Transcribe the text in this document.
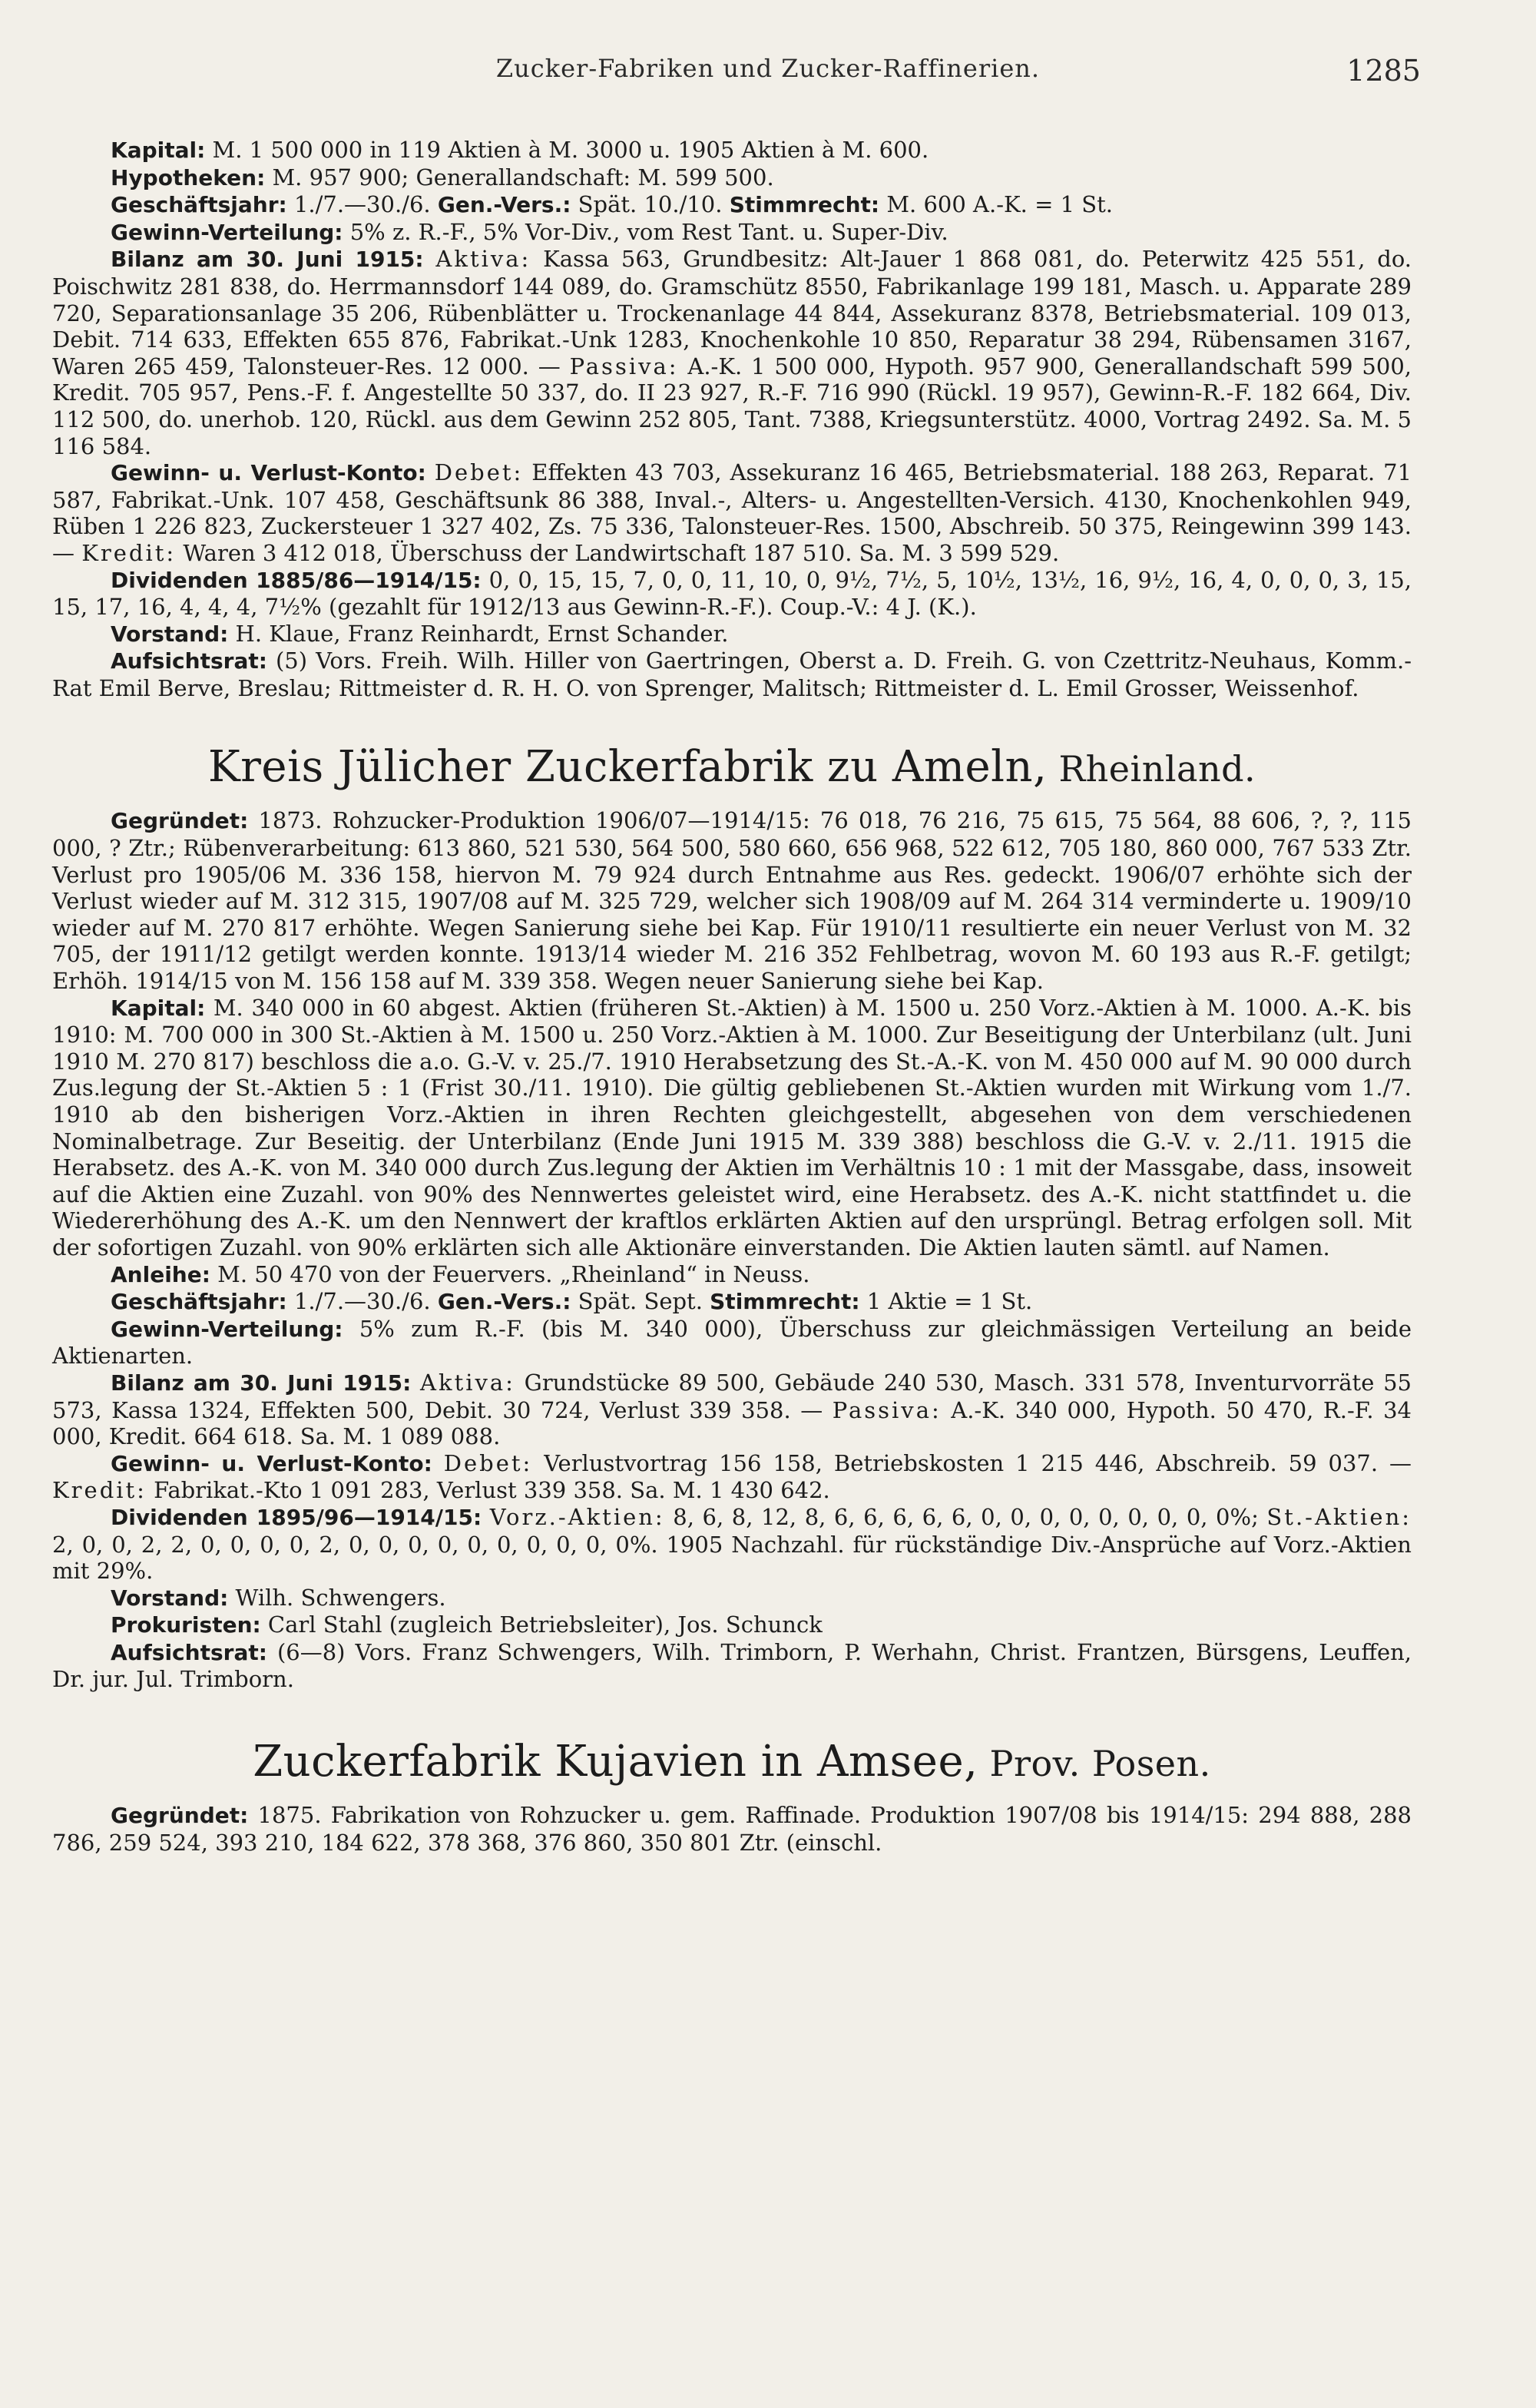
Zucker-Fabriken und Zucker-Raffinerien.	1285

Kapital: M. 1 500 000 in 119 Aktien à M. 3000 u. 1905 Aktien à M. 600.

Hypotheken: M. 957 900; Generallandschaft: M. 599 500.

Geschäftsjahr: 1./7.—30./6. Gen.-Vers.: Spät. 10./10. Stimmrecht: M. 600 A.-K. = 1 St.

Gewinn-Verteilung: 5% z. R.-F., 5% Vor-Div., vom Rest Tant. u. Super-Div.

Bilanz am 30. Juni 1915: Aktiva: Kassa 563, Grundbesitz: Alt-Jauer 1 868 081, do. Peterwitz 425 551, do. Poischwitz 281 838, do. Herrmannsdorf 144 089, do. Gramschütz 8550, Fabrikanlage 199 181, Masch. u. Apparate 289 720, Separationsanlage 35 206, Rübenblätter u. Trockenanlage 44 844, Assekuranz 8378, Betriebsmaterial. 109 013, Debit. 714 633, Effekten 655 876, Fabrikat.-Unk 1283, Knochenkohle 10 850, Reparatur 38 294, Rübensamen 3167, Waren 265 459, Talonsteuer-Res. 12 000. — Passiva: A.-K. 1 500 000, Hypoth. 957 900, Generallandschaft 599 500, Kredit. 705 957, Pens.-F. f. Angestellte 50 337, do. II 23 927, R.-F. 716 990 (Rückl. 19 957), Gewinn-R.-F. 182 664, Div. 112 500, do. unerhob. 120, Rückl. aus dem Gewinn 252 805, Tant. 7388, Kriegsunterstütz. 4000, Vortrag 2492. Sa. M. 5 116 584.

Gewinn- u. Verlust-Konto: Debet: Effekten 43 703, Assekuranz 16 465, Betriebsmaterial. 188 263, Reparat. 71 587, Fabrikat.-Unk. 107 458, Geschäftsunk 86 388, Inval.-, Alters- u. Angestellten-Versich. 4130, Knochenkohlen 949, Rüben 1 226 823, Zuckersteuer 1 327 402, Zs. 75 336, Talonsteuer-Res. 1500, Abschreib. 50 375, Reingewinn 399 143. — Kredit: Waren 3 412 018, Überschuss der Landwirtschaft 187 510. Sa. M. 3 599 529.

Dividenden 1885/86—1914/15: 0, 0, 15, 15, 7, 0, 0, 11, 10, 0, 9½, 7½, 5, 10½, 13½, 16, 9½, 16, 4, 0, 0, 0, 3, 15, 15, 17, 16, 4, 4, 4, 7½% (gezahlt für 1912/13 aus Gewinn-R.-F.). Coup.-V.: 4 J. (K.).

Vorstand: H. Klaue, Franz Reinhardt, Ernst Schander.

Aufsichtsrat: (5) Vors. Freih. Wilh. Hiller von Gaertringen, Oberst a. D. Freih. G. von Czettritz-Neuhaus, Komm.-Rat Emil Berve, Breslau; Rittmeister d. R. H. O. von Sprenger, Malitsch; Rittmeister d. L. Emil Grosser, Weissenhof.

Kreis Jülicher Zuckerfabrik zu Ameln, Rheinland.

Gegründet: 1873. Rohzucker-Produktion 1906/07—1914/15: 76 018, 76 216, 75 615, 75 564, 88 606, ?, ?, 115 000, ? Ztr.; Rübenverarbeitung: 613 860, 521 530, 564 500, 580 660, 656 968, 522 612, 705 180, 860 000, 767 533 Ztr. Verlust pro 1905/06 M. 336 158, hiervon M. 79 924 durch Entnahme aus Res. gedeckt. 1906/07 erhöhte sich der Verlust wieder auf M. 312 315, 1907/08 auf M. 325 729, welcher sich 1908/09 auf M. 264 314 verminderte u. 1909/10 wieder auf M. 270 817 erhöhte. Wegen Sanierung siehe bei Kap. Für 1910/11 resultierte ein neuer Verlust von M. 32 705, der 1911/12 getilgt werden konnte. 1913/14 wieder M. 216 352 Fehlbetrag, wovon M. 60 193 aus R.-F. getilgt; Erhöh. 1914/15 von M. 156 158 auf M. 339 358. Wegen neuer Sanierung siehe bei Kap.

Kapital: M. 340 000 in 60 abgest. Aktien (früheren St.-Aktien) à M. 1500 u. 250 Vorz.-Aktien à M. 1000. A.-K. bis 1910: M. 700 000 in 300 St.-Aktien à M. 1500 u. 250 Vorz.-Aktien à M. 1000. Zur Beseitigung der Unterbilanz (ult. Juni 1910 M. 270 817) beschloss die a.o. G.-V. v. 25./7. 1910 Herabsetzung des St.-A.-K. von M. 450 000 auf M. 90 000 durch Zus.legung der St.-Aktien 5 : 1 (Frist 30./11. 1910). Die gültig gebliebenen St.-Aktien wurden mit Wirkung vom 1./7. 1910 ab den bisherigen Vorz.-Aktien in ihren Rechten gleichgestellt, abgesehen von dem verschiedenen Nominalbetrage. Zur Beseitig. der Unterbilanz (Ende Juni 1915 M. 339 388) beschloss die G.-V. v. 2./11. 1915 die Herabsetz. des A.-K. von M. 340 000 durch Zus.legung der Aktien im Verhältnis 10 : 1 mit der Massgabe, dass, insoweit auf die Aktien eine Zuzahl. von 90% des Nennwertes geleistet wird, eine Herabsetz. des A.-K. nicht stattfindet u. die Wiedererhöhung des A.-K. um den Nennwert der kraftlos erklärten Aktien auf den ursprüngl. Betrag erfolgen soll. Mit der sofortigen Zuzahl. von 90% erklärten sich alle Aktionäre einverstanden. Die Aktien lauten sämtl. auf Namen.

Anleihe: M. 50 470 von der Feuervers. „Rheinland“ in Neuss.

Geschäftsjahr: 1./7.—30./6. Gen.-Vers.: Spät. Sept. Stimmrecht: 1 Aktie = 1 St.

Gewinn-Verteilung: 5% zum R.-F. (bis M. 340 000), Überschuss zur gleichmässigen Verteilung an beide Aktienarten.

Bilanz am 30. Juni 1915: Aktiva: Grundstücke 89 500, Gebäude 240 530, Masch. 331 578, Inventurvorräte 55 573, Kassa 1324, Effekten 500, Debit. 30 724, Verlust 339 358. — Passiva: A.-K. 340 000, Hypoth. 50 470, R.-F. 34 000, Kredit. 664 618. Sa. M. 1 089 088.

Gewinn- u. Verlust-Konto: Debet: Verlustvortrag 156 158, Betriebskosten 1 215 446, Abschreib. 59 037. — Kredit: Fabrikat.-Kto 1 091 283, Verlust 339 358. Sa. M. 1 430 642.

Dividenden 1895/96—1914/15: Vorz.-Aktien: 8, 6, 8, 12, 8, 6, 6, 6, 6, 6, 0, 0, 0, 0, 0, 0, 0, 0, 0%; St.-Aktien: 2, 0, 0, 2, 2, 0, 0, 0, 0, 2, 0, 0, 0, 0, 0, 0, 0, 0, 0, 0%. 1905 Nachzahl. für rückständige Div.-Ansprüche auf Vorz.-Aktien mit 29%.

Vorstand: Wilh. Schwengers.

Prokuristen: Carl Stahl (zugleich Betriebsleiter), Jos. Schunck

Aufsichtsrat: (6—8) Vors. Franz Schwengers, Wilh. Trimborn, P. Werhahn, Christ. Frantzen, Bürsgens, Leuffen, Dr. jur. Jul. Trimborn.

Zuckerfabrik Kujavien in Amsee, Prov. Posen.

Gegründet: 1875. Fabrikation von Rohzucker u. gem. Raffinade. Produktion 1907/08 bis 1914/15: 294 888, 288 786, 259 524, 393 210, 184 622, 378 368, 376 860, 350 801 Ztr. (einschl.
